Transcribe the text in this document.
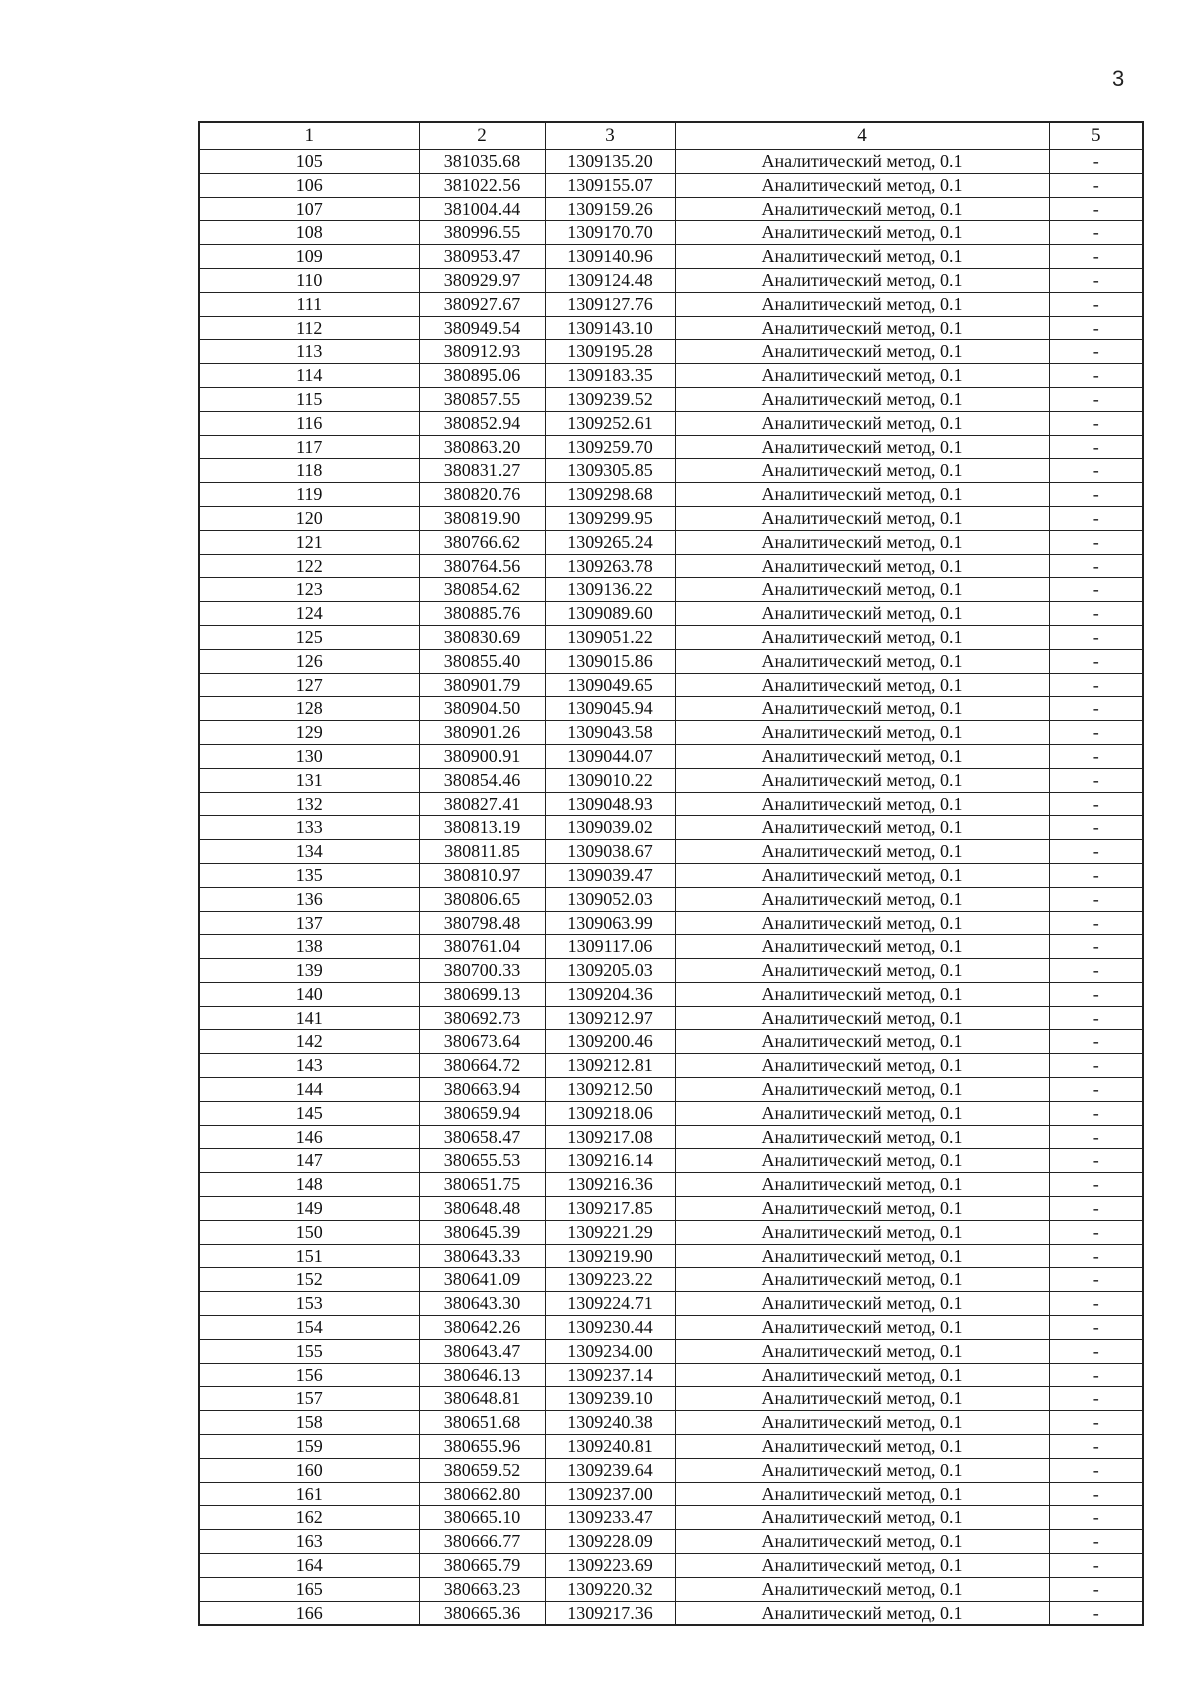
3
1	2	3	4	5
105	381035.68	1309135.20	Аналитический метод, 0.1	-
106	381022.56	1309155.07	Аналитический метод, 0.1	-
107	381004.44	1309159.26	Аналитический метод, 0.1	-
108	380996.55	1309170.70	Аналитический метод, 0.1	-
109	380953.47	1309140.96	Аналитический метод, 0.1	-
110	380929.97	1309124.48	Аналитический метод, 0.1	-
111	380927.67	1309127.76	Аналитический метод, 0.1	-
112	380949.54	1309143.10	Аналитический метод, 0.1	-
113	380912.93	1309195.28	Аналитический метод, 0.1	-
114	380895.06	1309183.35	Аналитический метод, 0.1	-
115	380857.55	1309239.52	Аналитический метод, 0.1	-
116	380852.94	1309252.61	Аналитический метод, 0.1	-
117	380863.20	1309259.70	Аналитический метод, 0.1	-
118	380831.27	1309305.85	Аналитический метод, 0.1	-
119	380820.76	1309298.68	Аналитический метод, 0.1	-
120	380819.90	1309299.95	Аналитический метод, 0.1	-
121	380766.62	1309265.24	Аналитический метод, 0.1	-
122	380764.56	1309263.78	Аналитический метод, 0.1	-
123	380854.62	1309136.22	Аналитический метод, 0.1	-
124	380885.76	1309089.60	Аналитический метод, 0.1	-
125	380830.69	1309051.22	Аналитический метод, 0.1	-
126	380855.40	1309015.86	Аналитический метод, 0.1	-
127	380901.79	1309049.65	Аналитический метод, 0.1	-
128	380904.50	1309045.94	Аналитический метод, 0.1	-
129	380901.26	1309043.58	Аналитический метод, 0.1	-
130	380900.91	1309044.07	Аналитический метод, 0.1	-
131	380854.46	1309010.22	Аналитический метод, 0.1	-
132	380827.41	1309048.93	Аналитический метод, 0.1	-
133	380813.19	1309039.02	Аналитический метод, 0.1	-
134	380811.85	1309038.67	Аналитический метод, 0.1	-
135	380810.97	1309039.47	Аналитический метод, 0.1	-
136	380806.65	1309052.03	Аналитический метод, 0.1	-
137	380798.48	1309063.99	Аналитический метод, 0.1	-
138	380761.04	1309117.06	Аналитический метод, 0.1	-
139	380700.33	1309205.03	Аналитический метод, 0.1	-
140	380699.13	1309204.36	Аналитический метод, 0.1	-
141	380692.73	1309212.97	Аналитический метод, 0.1	-
142	380673.64	1309200.46	Аналитический метод, 0.1	-
143	380664.72	1309212.81	Аналитический метод, 0.1	-
144	380663.94	1309212.50	Аналитический метод, 0.1	-
145	380659.94	1309218.06	Аналитический метод, 0.1	-
146	380658.47	1309217.08	Аналитический метод, 0.1	-
147	380655.53	1309216.14	Аналитический метод, 0.1	-
148	380651.75	1309216.36	Аналитический метод, 0.1	-
149	380648.48	1309217.85	Аналитический метод, 0.1	-
150	380645.39	1309221.29	Аналитический метод, 0.1	-
151	380643.33	1309219.90	Аналитический метод, 0.1	-
152	380641.09	1309223.22	Аналитический метод, 0.1	-
153	380643.30	1309224.71	Аналитический метод, 0.1	-
154	380642.26	1309230.44	Аналитический метод, 0.1	-
155	380643.47	1309234.00	Аналитический метод, 0.1	-
156	380646.13	1309237.14	Аналитический метод, 0.1	-
157	380648.81	1309239.10	Аналитический метод, 0.1	-
158	380651.68	1309240.38	Аналитический метод, 0.1	-
159	380655.96	1309240.81	Аналитический метод, 0.1	-
160	380659.52	1309239.64	Аналитический метод, 0.1	-
161	380662.80	1309237.00	Аналитический метод, 0.1	-
162	380665.10	1309233.47	Аналитический метод, 0.1	-
163	380666.77	1309228.09	Аналитический метод, 0.1	-
164	380665.79	1309223.69	Аналитический метод, 0.1	-
165	380663.23	1309220.32	Аналитический метод, 0.1	-
166	380665.36	1309217.36	Аналитический метод, 0.1	-
